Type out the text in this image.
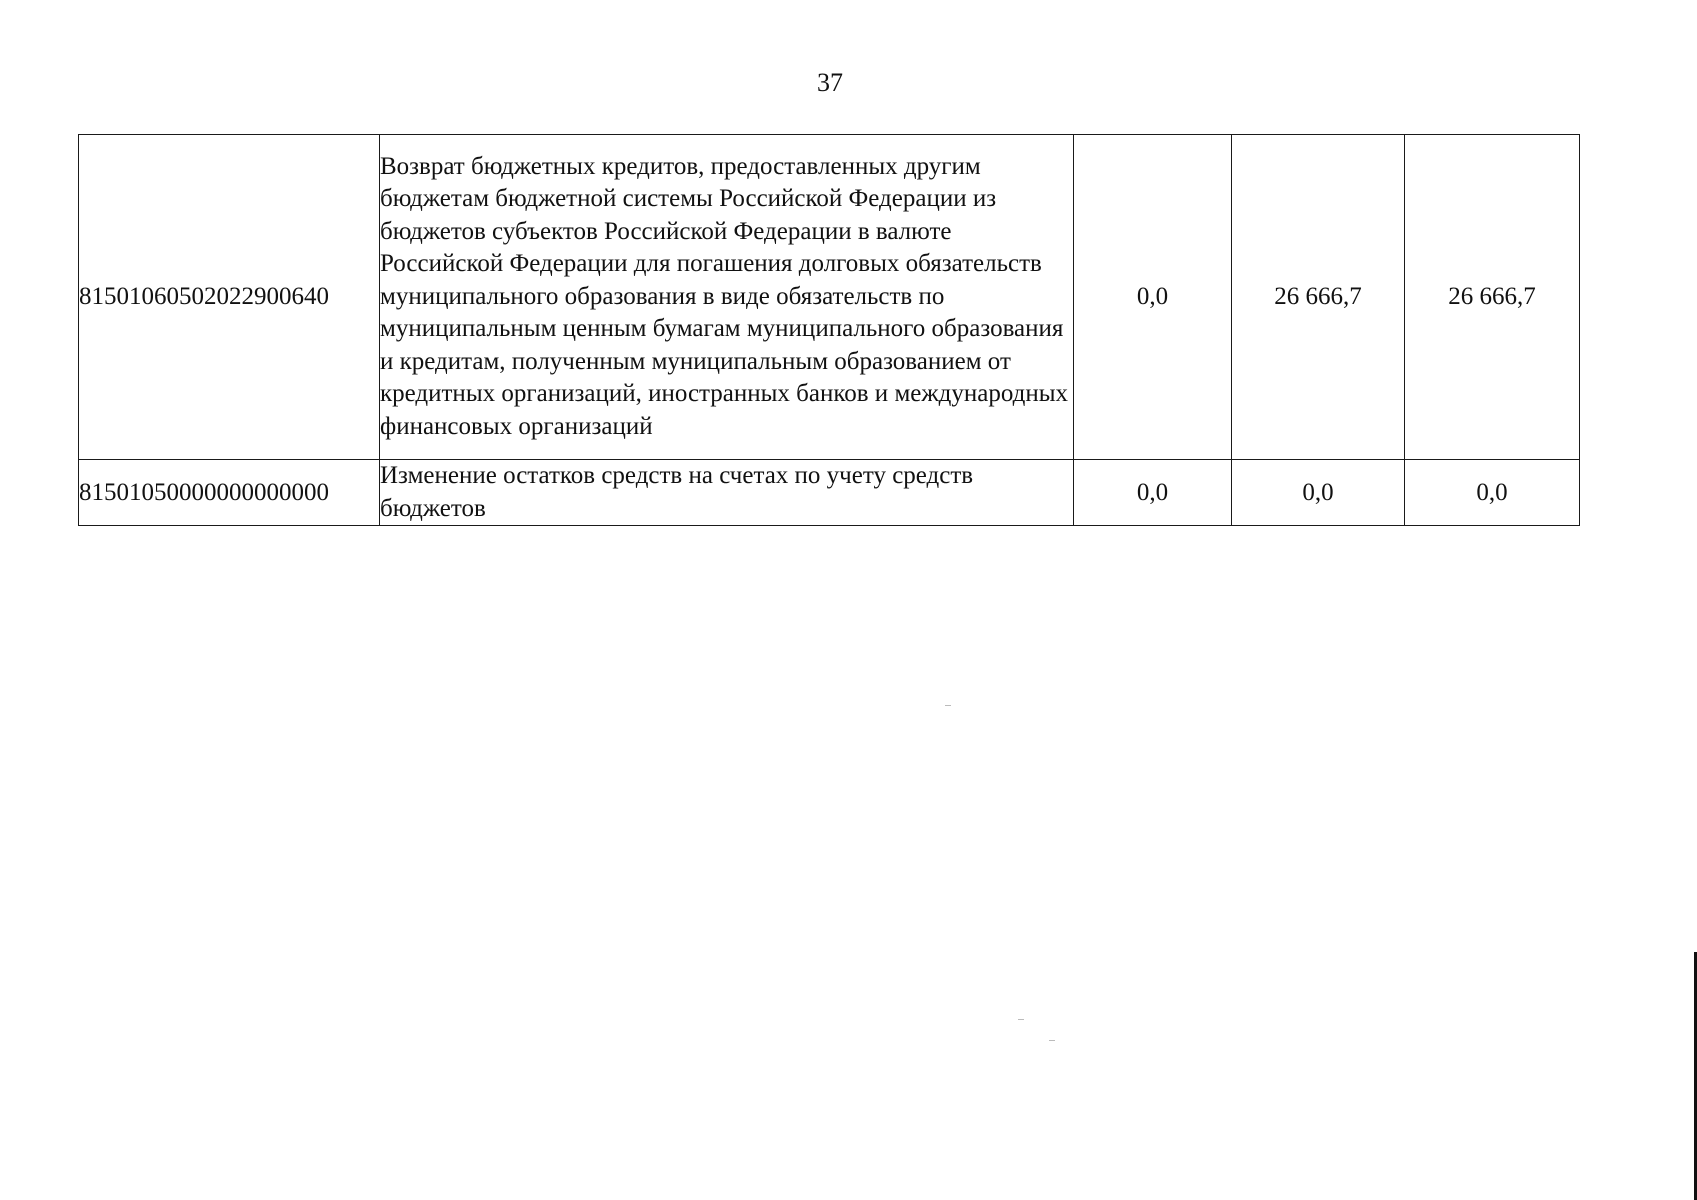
37
81501060502022900640	Возврат бюджетных кредитов, предоставленных другим бюджетам бюджетной системы Российской Федерации из бюджетов субъектов Российской Федерации в валюте Российской Федерации для погашения долговых обязательств муниципального образования в виде обязательств по муниципальным ценным бумагам муниципального образования и кредитам, полученным муниципальным образованием от кредитных организаций, иностранных банков и международных финансовых организаций	0,0	26 666,7	26 666,7
81501050000000000000	Изменение остатков средств на счетах по учету средств бюджетов	0,0	0,0	0,0
